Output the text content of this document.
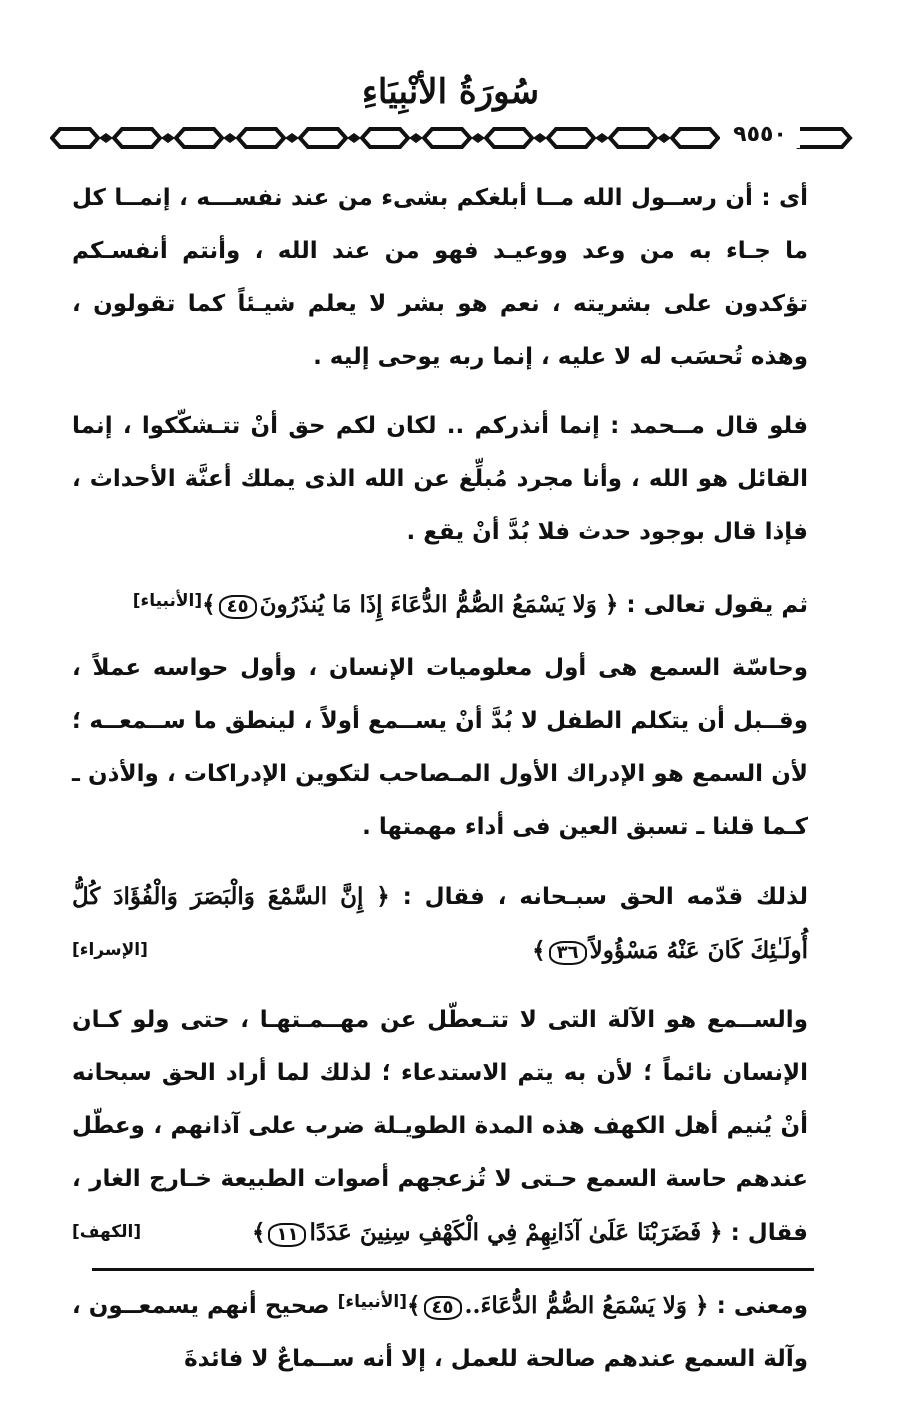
سُورَةُ الأنْبِيَاءِ
٩٥٥٠

أى : أن رســول الله مــا أبلغكم بشىء من عند نفســـه ، إنمــا كل ما جـاء به من وعد ووعيـد فهو من عند الله ، وأنتم أنفسـكم تؤكدون على بشريته ، نعم هو بشر لا يعلم شيـئاً كما تقولون ، وهذه تُحسَب له لا عليه ، إنما ربه يوحى إليه .

فلو قال مــحمد : إنما أنذركم .. لكان لكم حق أنْ تتـشكّكوا ، إنما القائل هو الله ، وأنا مجرد مُبلِّغ عن الله الذى يملك أعنَّة الأحداث ، فإذا قال بوجود حدث فلا بُدَّ أنْ يقع .

ثم يقول تعالى : ﴿ وَلا يَسْمَعُ الصُّمُّ الدُّعَاءَ إِذَا مَا يُنذَرُونَ٤٥﴾[الأنبياء]

وحاسّة السمع هى أول معلوميات الإنسان ، وأول حواسه عملاً ، وقــبل أن يتكلم الطفل لا بُدَّ أنْ يســمع أولاً ، لينطق ما ســمعــه ؛ لأن السمع هو الإدراك الأول المـصاحب لتكوين الإدراكات ، والأذن ـ كـما قلنا ـ تسبق العين فى أداء مهمتها .

لذلك قدّمه الحق سبـحانه ، فقال : ﴿ إِنَّ السَّمْعَ وَالْبَصَرَ وَالْفُؤَادَ كُلُّ أُولَـٰئِكَ كَانَ عَنْهُ مَسْؤُولاً٣٦﴾
[الإسراء]

والســمع هو الآلة التى لا تتـعطّل عن مهــمـتهـا ، حتى ولو كـان الإنسان نائماً ؛ لأن به يتم الاستدعاء ؛ لذلك لما أراد الحق سبحانه أنْ يُنيم أهل الكهف هذه المدة الطويـلة ضرب على آذانهم ، وعطّل عندهم حاسة السمع حـتى لا تُزعجهم أصوات الطبيعة خـارج الغار ، فقال : ﴿ فَضَرَبْنَا عَلَىٰ آذَانِهِمْ فِي الْكَهْفِ سِنِينَ عَدَدًا١١﴾
[الكهف]

ومعنى : ﴿ وَلا يَسْمَعُ الصُّمُّ الدُّعَاءَ..٤٥﴾[الأنبياء] صحيح أنهم يسمعــون ، وآلة السمع عندهم صالحة للعمل ، إلا أنه ســماعٌ لا فائدةَ
